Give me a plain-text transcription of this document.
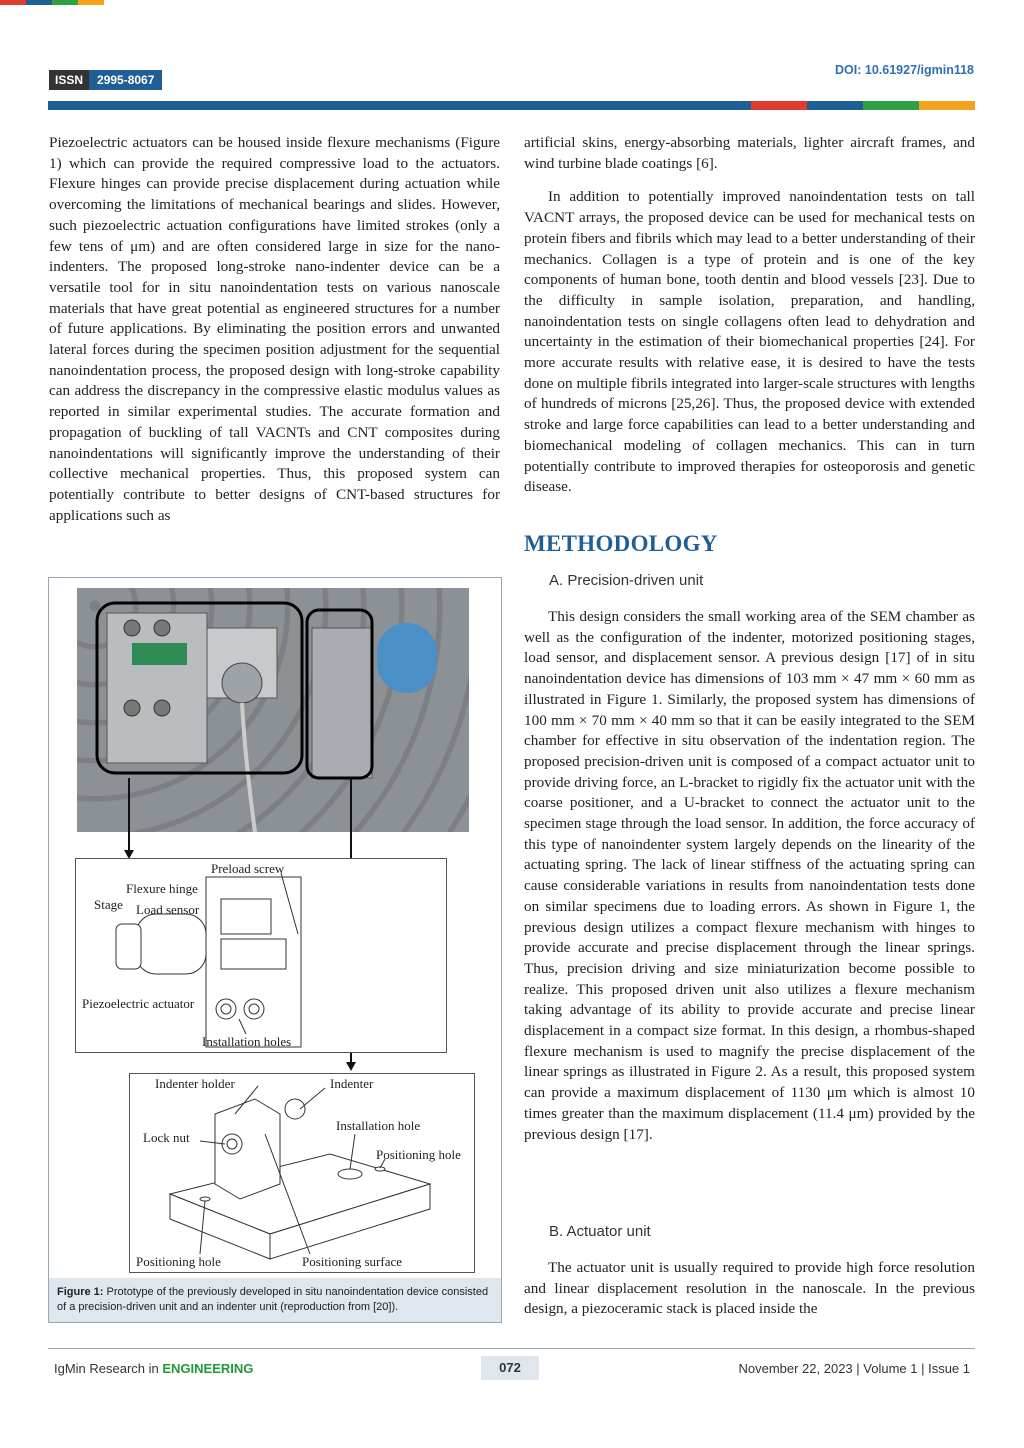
ISSN	2995-8067
DOI: 10.61927/igmin118

Piezoelectric actuators can be housed inside flexure mechanisms (Figure 1) which can provide the required compressive load to the actuators. Flexure hinges can provide precise displacement during actuation while overcoming the limitations of mechanical bearings and slides. However, such piezoelectric actuation configurations have limited strokes (only a few tens of μm) and are often considered large in size for the nano-indenters. The proposed long-stroke nano-indenter device can be a versatile tool for in situ nanoindentation tests on various nanoscale materials that have great potential as engineered structures for a number of future applications. By eliminating the position errors and unwanted lateral forces during the specimen position adjustment for the sequential nanoindentation process, the proposed design with long-stroke capability can address the discrepancy in the compressive elastic modulus values as reported in similar experimental studies. The accurate formation and propagation of buckling of tall VACNTs and CNT composites during nanoindentations will significantly improve the understanding of their collective mechanical properties. Thus, this proposed system can potentially contribute to better designs of CNT-based structures for applications such as

Preload screw
Flexure hinge
Stage Load sensor
Piezoelectric actuator
Installation holes
Indenter holder	Indenter
Lock nut
Installation hole
Positioning hole
Positioning hole	Positioning surface
Figure 1: Prototype of the previously developed in situ nanoindentation device consisted of a precision-driven unit and an indenter unit (reproduction from [20]).

artificial skins, energy-absorbing materials, lighter aircraft frames, and wind turbine blade coatings [6].

In addition to potentially improved nanoindentation tests on tall VACNT arrays, the proposed device can be used for mechanical tests on protein fibers and fibrils which may lead to a better understanding of their mechanics. Collagen is a type of protein and is one of the key components of human bone, tooth dentin and blood vessels [23]. Due to the difficulty in sample isolation, preparation, and handling, nanoindentation tests on single collagens often lead to dehydration and uncertainty in the estimation of their biomechanical properties [24]. For more accurate results with relative ease, it is desired to have the tests done on multiple fibrils integrated into larger-scale structures with lengths of hundreds of microns [25,26]. Thus, the proposed device with extended stroke and large force capabilities can lead to a better understanding and biomechanical modeling of collagen mechanics. This can in turn potentially contribute to improved therapies for osteoporosis and genetic disease.

METHODOLOGY
A. Precision-driven unit

This design considers the small working area of the SEM chamber as well as the configuration of the indenter, motorized positioning stages, load sensor, and displacement sensor. A previous design [17] of in situ nanoindentation device has dimensions of 103 mm × 47 mm × 60 mm as illustrated in Figure 1. Similarly, the proposed system has dimensions of 100 mm × 70 mm × 40 mm so that it can be easily integrated to the SEM chamber for effective in situ observation of the indentation region. The proposed precision-driven unit is composed of a compact actuator unit to provide driving force, an L-bracket to rigidly fix the actuator unit with the coarse positioner, and a U-bracket to connect the actuator unit to the specimen stage through the load sensor. In addition, the force accuracy of this type of nanoindenter system largely depends on the linearity of the actuating spring. The lack of linear stiffness of the actuating spring can cause considerable variations in results from nanoindentation tests done on similar specimens due to loading errors. As shown in Figure 1, the previous design utilizes a compact flexure mechanism with hinges to provide accurate and precise displacement through the linear springs. Thus, precision driving and size miniaturization become possible to realize. This proposed driven unit also utilizes a flexure mechanism taking advantage of its ability to provide accurate and precise linear displacement in a compact size format. In this design, a rhombus-shaped flexure mechanism is used to magnify the precise displacement of the linear springs as illustrated in Figure 2. As a result, this proposed system can provide a maximum displacement of 1130 μm which is almost 10 times greater than the maximum displacement (11.4 μm) provided by the previous design [17].

B. Actuator unit

The actuator unit is usually required to provide high force resolution and linear displacement resolution in the nanoscale. In the previous design, a piezoceramic stack is placed inside the

IgMin Research in ENGINEERING	072	November 22, 2023 | Volume 1 | Issue 1
